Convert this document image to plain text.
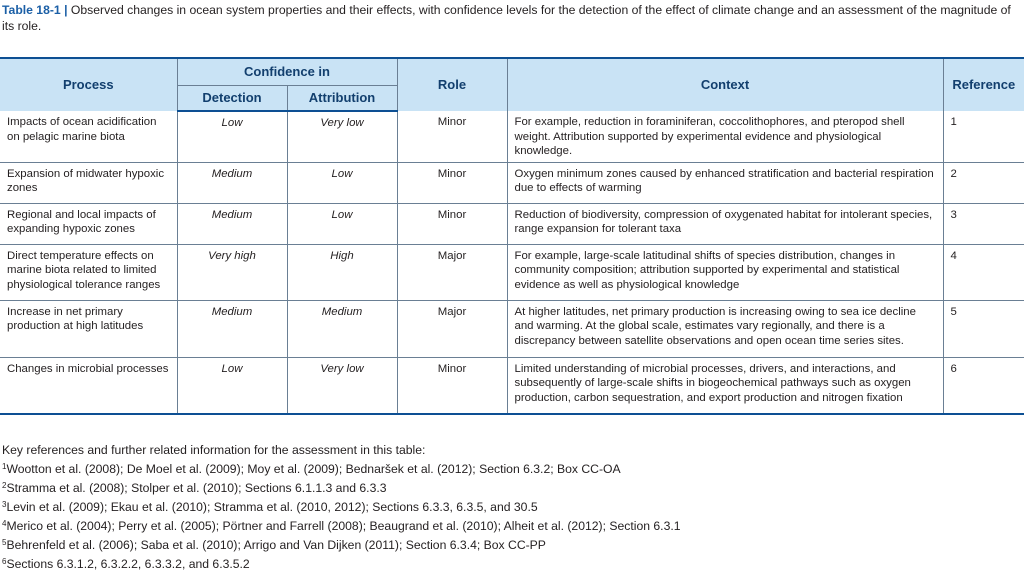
Table 18-1 | Observed changes in ocean system properties and their effects, with confidence levels for the detection of the effect of climate change and an assessment of the magnitude of its role.
Process	Confidence in		Role	Context	Reference
	Detection	Attribution			
Impacts of ocean acidification on pelagic marine biota	Low	Very low	Minor	For example, reduction in foraminiferan, coccolithophores, and pteropod shell weight. Attribution supported by experimental evidence and physiological knowledge.	1
Expansion of midwater hypoxic zones	Medium	Low	Minor	Oxygen minimum zones caused by enhanced stratification and bacterial respiration due to effects of warming	2
Regional and local impacts of expanding hypoxic zones	Medium	Low	Minor	Reduction of biodiversity, compression of oxygenated habitat for intolerant species, range expansion for tolerant taxa	3
Direct temperature effects on marine biota related to limited physiological tolerance ranges	Very high	High	Major	For example, large-scale latitudinal shifts of species distribution, changes in community composition; attribution supported by experimental and statistical evidence as well as physiological knowledge	4
Increase in net primary production at high latitudes	Medium	Medium	Major	At higher latitudes, net primary production is increasing owing to sea ice decline and warming. At the global scale, estimates vary regionally, and there is a discrepancy between satellite observations and open ocean time series sites.	5
Changes in microbial processes	Low	Very low	Minor	Limited understanding of microbial processes, drivers, and interactions, and subsequently of large-scale shifts in biogeochemical pathways such as oxygen production, carbon sequestration, and export production and nitrogen fixation	6
Key references and further related information for the assessment in this table:
$^1$Wootton et al. (2008); De Moel et al. (2009); Moy et al. (2009); Bednaršek et al. (2012); Section 6.3.2; Box CC-OA
$^2$Stramma et al. (2008); Stolper et al. (2010); Sections 6.1.1.3 and 6.3.3
$^3$Levin et al. (2009); Ekau et al. (2010); Stramma et al. (2010, 2012); Sections 6.3.3, 6.3.5, and 30.5
$^4$Merico et al. (2004); Perry et al. (2005); Pörtner and Farrell (2008); Beaugrand et al. (2010); Alheit et al. (2012); Section 6.3.1
$^5$Behrenfeld et al. (2006); Saba et al. (2010); Arrigo and Van Dijken (2011); Section 6.3.4; Box CC-PP
$^6$Sections 6.3.1.2, 6.3.2.2, 6.3.3.2, and 6.3.5.2
